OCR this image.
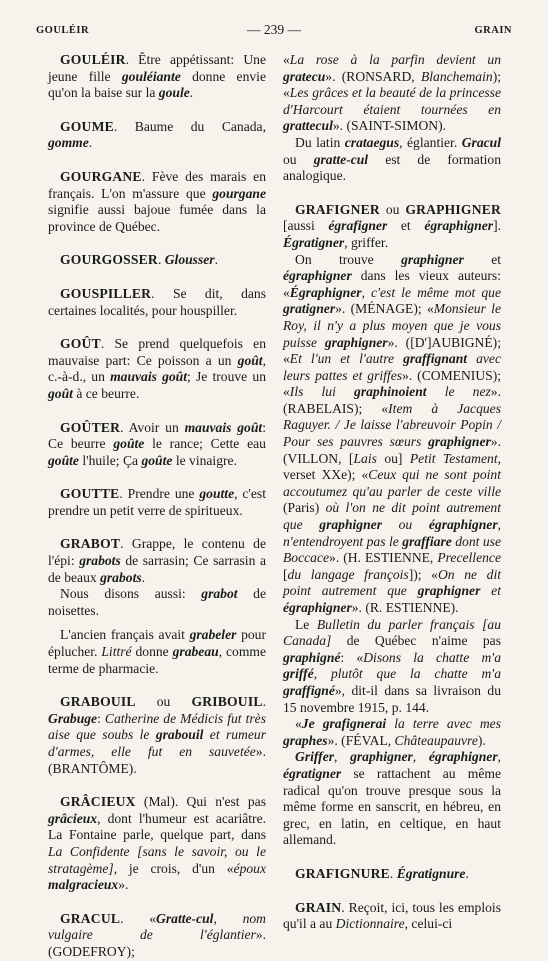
GOULÉIR	— 239 —	GRAIN

GOULÉIR. Être appétissant: Une jeune fille gouléiante donne envie qu'on la baise sur la goule.

GOUME. Baume du Canada, gomme.

GOURGANE. Fève des marais en français. L'on m'assure que gourgane signifie aussi bajoue fumée dans la province de Québec.

GOURGOSSER. Glousser.

GOUSPILLER. Se dit, dans certaines localités, pour houspiller.

GOÛT. Se prend quelquefois en mauvaise part: Ce poisson a un goût, c.-à-d., un mauvais goût; Je trouve un goût à ce beurre.

GOÛTER. Avoir un mauvais goût: Ce beurre goûte le rance; Cette eau goûte l'huile; Ça goûte le vinaigre.

GOUTTE. Prendre une goutte, c'est prendre un petit verre de spiritueux.

GRABOT. Grappe, le contenu de l'épi: grabots de sarrasin; Ce sarrasin a de beaux grabots.

Nous disons aussi: grabot de noisettes.

L'ancien français avait grabeler pour éplucher. Littré donne grabeau, comme terme de pharmacie.

GRABOUIL ou GRIBOUIL. Grabuge: Catherine de Médicis fut très aise que soubs le grabouil et rumeur d'armes, elle fut en sauvetée». (BRANTÔME).

GRÂCIEUX (Mal). Qui n'est pas grâcieux, dont l'humeur est acariâtre. La Fontaine parle, quelque part, dans La Confidente [sans le savoir, ou le stratagème], je crois, d'un «époux malgracieux».

GRACUL. «Gratte-cul, nom vulgaire de l'églantier». (GODEFROY);

«La rose à la parfin devient un gratecu». (RONSARD, Blanchemain); «Les grâces et la beauté de la princesse d'Harcourt étaient tournées en grattecul». (SAINT-SIMON).

Du latin crataegus, églantier. Gracul ou gratte-cul est de formation analogique.

GRAFIGNER ou GRAPHIGNER [aussi égrafigner et égraphigner]. Égratigner, griffer.

On trouve graphigner et égraphigner dans les vieux auteurs: «Égraphigner, c'est le même mot que gratigner». (MÉNAGE); «Monsieur le Roy, il n'y a plus moyen que je vous puisse graphigner». ([D']AUBIGNÉ); «Et l'un et l'autre graffignant avec leurs pattes et griffes». (COMENIUS); «Ils lui graphinoient le nez». (RABELAIS); «Item à Jacques Raguyer. / Je laisse l'abreuvoir Popin / Pour ses pauvres sœurs graphigner». (VILLON, [Lais ou] Petit Testament, verset XXe); «Ceux qui ne sont point accoutumez qu'au parler de ceste ville (Paris) où l'on ne dit point autrement que graphigner ou égraphigner, n'entendroyent pas le graffiare dont use Boccace». (H. ESTIENNE, Precellence [du langage françois]); «On ne dit point autrement que graphigner et égraphigner». (R. ESTIENNE).

Le Bulletin du parler français [au Canada] de Québec n'aime pas graphigné: «Disons la chatte m'a griffé, plutôt que la chatte m'a graffigné», dit-il dans sa livraison du 15 novembre 1915, p. 144.

«Je grafignerai la terre avec mes graphes». (FÉVAL, Châteaupauvre).

Griffer, graphigner, égraphigner, égratigner se rattachent au même radical qu'on trouve presque sous la même forme en sanscrit, en hébreu, en grec, en latin, en celtique, en haut allemand.

GRAFIGNURE. Égratignure.

GRAIN. Reçoit, ici, tous les emplois qu'il a au Dictionnaire, celui-ci
